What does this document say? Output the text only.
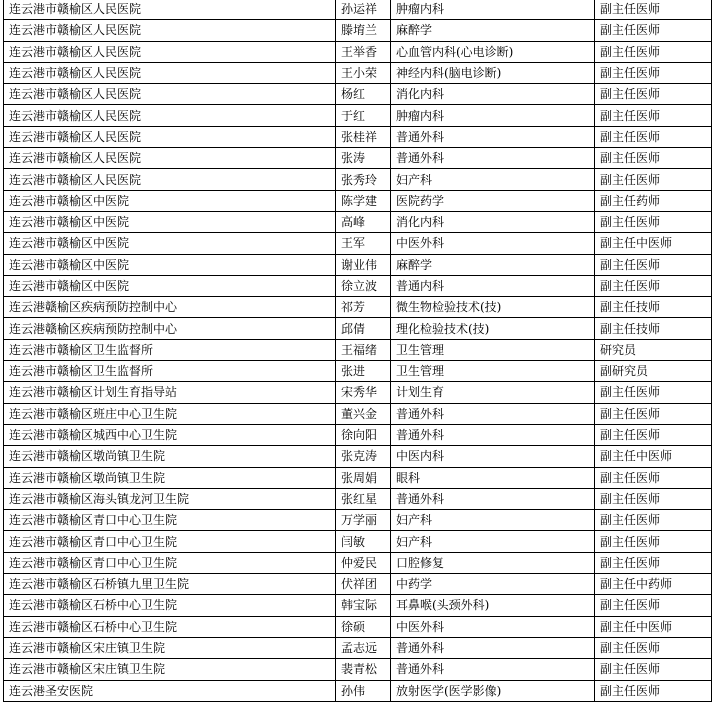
连云港市赣榆区人民医院	孙运祥	肿瘤内科	副主任医师
连云港市赣榆区人民医院	滕堉兰	麻醉学	副主任医师
连云港市赣榆区人民医院	王举香	心血管内科(心电诊断)	副主任医师
连云港市赣榆区人民医院	王小荣	神经内科(脑电诊断)	副主任医师
连云港市赣榆区人民医院	杨红	消化内科	副主任医师
连云港市赣榆区人民医院	于红	肿瘤内科	副主任医师
连云港市赣榆区人民医院	张桂祥	普通外科	副主任医师
连云港市赣榆区人民医院	张涛	普通外科	副主任医师
连云港市赣榆区人民医院	张秀玲	妇产科	副主任医师
连云港市赣榆区中医院	陈学建	医院药学	副主任药师
连云港市赣榆区中医院	高峰	消化内科	副主任医师
连云港市赣榆区中医院	王军	中医外科	副主任中医师
连云港市赣榆区中医院	谢业伟	麻醉学	副主任医师
连云港市赣榆区中医院	徐立波	普通内科	副主任医师
连云港赣榆区疾病预防控制中心	祁芳	微生物检验技术(技)	副主任技师
连云港赣榆区疾病预防控制中心	邱倩	理化检验技术(技)	副主任技师
连云港市赣榆区卫生监督所	王福绪	卫生管理	研究员
连云港市赣榆区卫生监督所	张进	卫生管理	副研究员
连云港市赣榆区计划生育指导站	宋秀华	计划生育	副主任医师
连云港市赣榆区班庄中心卫生院	董兴金	普通外科	副主任医师
连云港市赣榆区城西中心卫生院	徐向阳	普通外科	副主任医师
连云港市赣榆区墩尚镇卫生院	张克涛	中医内科	副主任中医师
连云港市赣榆区墩尚镇卫生院	张周娟	眼科	副主任医师
连云港市赣榆区海头镇龙河卫生院	张红星	普通外科	副主任医师
连云港市赣榆区青口中心卫生院	万学丽	妇产科	副主任医师
连云港市赣榆区青口中心卫生院	闫敏	妇产科	副主任医师
连云港市赣榆区青口中心卫生院	仲爱民	口腔修复	副主任医师
连云港市赣榆区石桥镇九里卫生院	伏祥团	中药学	副主任中药师
连云港市赣榆区石桥中心卫生院	韩宝际	耳鼻喉(头颈外科)	副主任医师
连云港市赣榆区石桥中心卫生院	徐硕	中医外科	副主任中医师
连云港市赣榆区宋庄镇卫生院	孟志远	普通外科	副主任医师
连云港市赣榆区宋庄镇卫生院	裴青松	普通外科	副主任医师
连云港圣安医院	孙伟	放射医学(医学影像)	副主任医师
